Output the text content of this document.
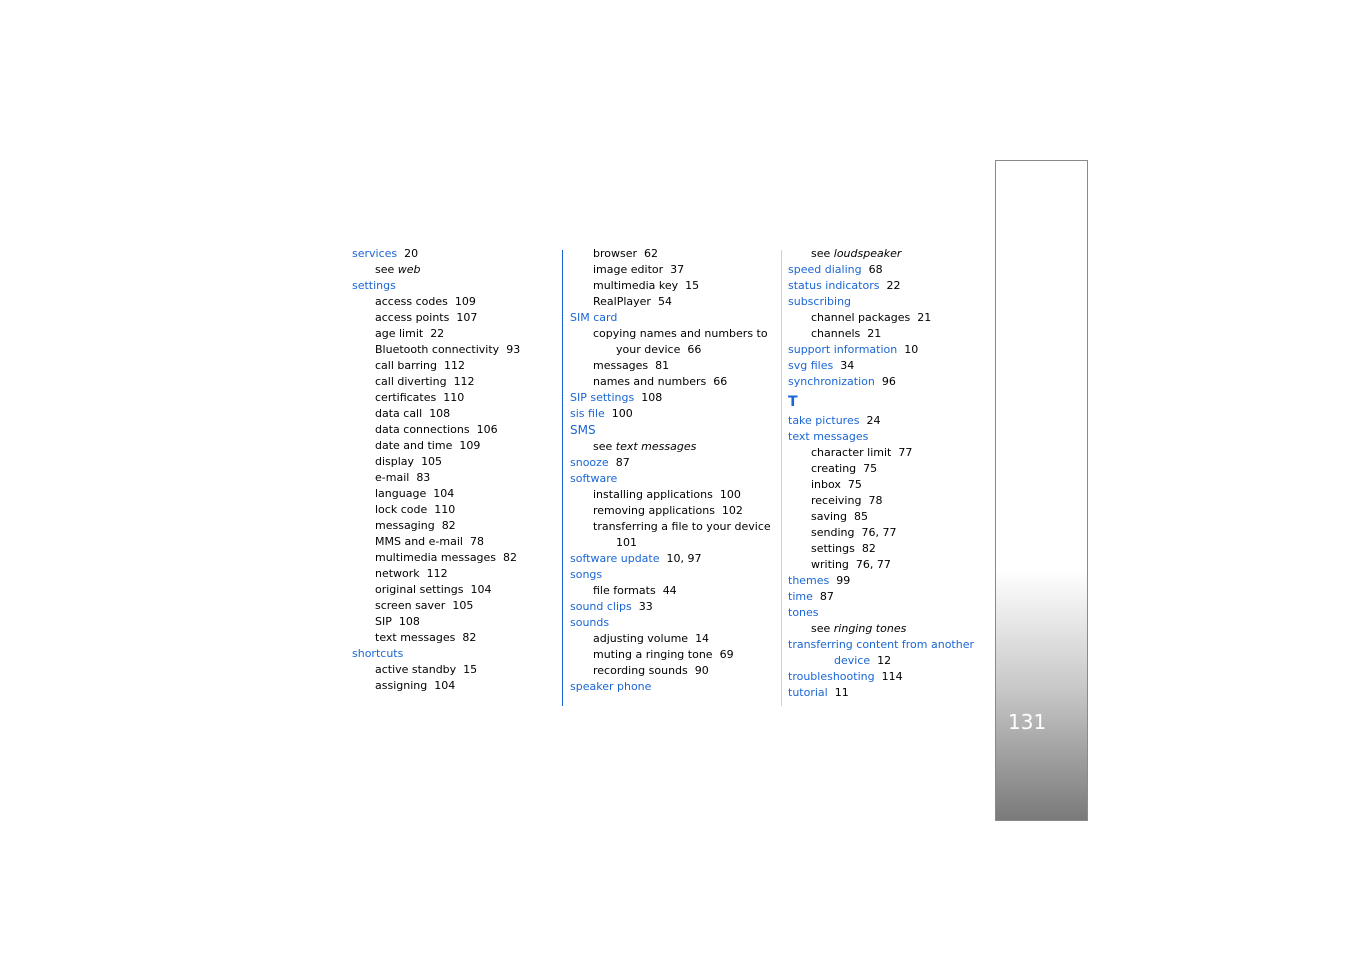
services 20
see web
settings
access codes 109
access points 107
age limit 22
Bluetooth connectivity 93
call barring 112
call diverting 112
certificates 110
data call 108
data connections 106
date and time 109
display 105
e-mail 83
language 104
lock code 110
messaging 82
MMS and e-mail 78
multimedia messages 82
network 112
original settings 104
screen saver 105
SIP 108
text messages 82
shortcuts
active standby 15
assigning 104
browser 62
image editor 37
multimedia key 15
RealPlayer 54
SIM card
copying names and numbers to
your device 66
messages 81
names and numbers 66
SIP settings 108
sis file 100
SMS
see text messages
snooze 87
software
installing applications 100
removing applications 102
transferring a file to your device
101
software update 10, 97
songs
file formats 44
sound clips 33
sounds
adjusting volume 14
muting a ringing tone 69
recording sounds 90
speaker phone
see loudspeaker
speed dialing 68
status indicators 22
subscribing
channel packages 21
channels 21
support information 10
svg files 34
synchronization 96
T
take pictures 24
text messages
character limit 77
creating 75
inbox 75
receiving 78
saving 85
sending 76, 77
settings 82
writing 76, 77
themes 99
time 87
tones
see ringing tones
transferring content from another
device 12
troubleshooting 114
tutorial 11
131
